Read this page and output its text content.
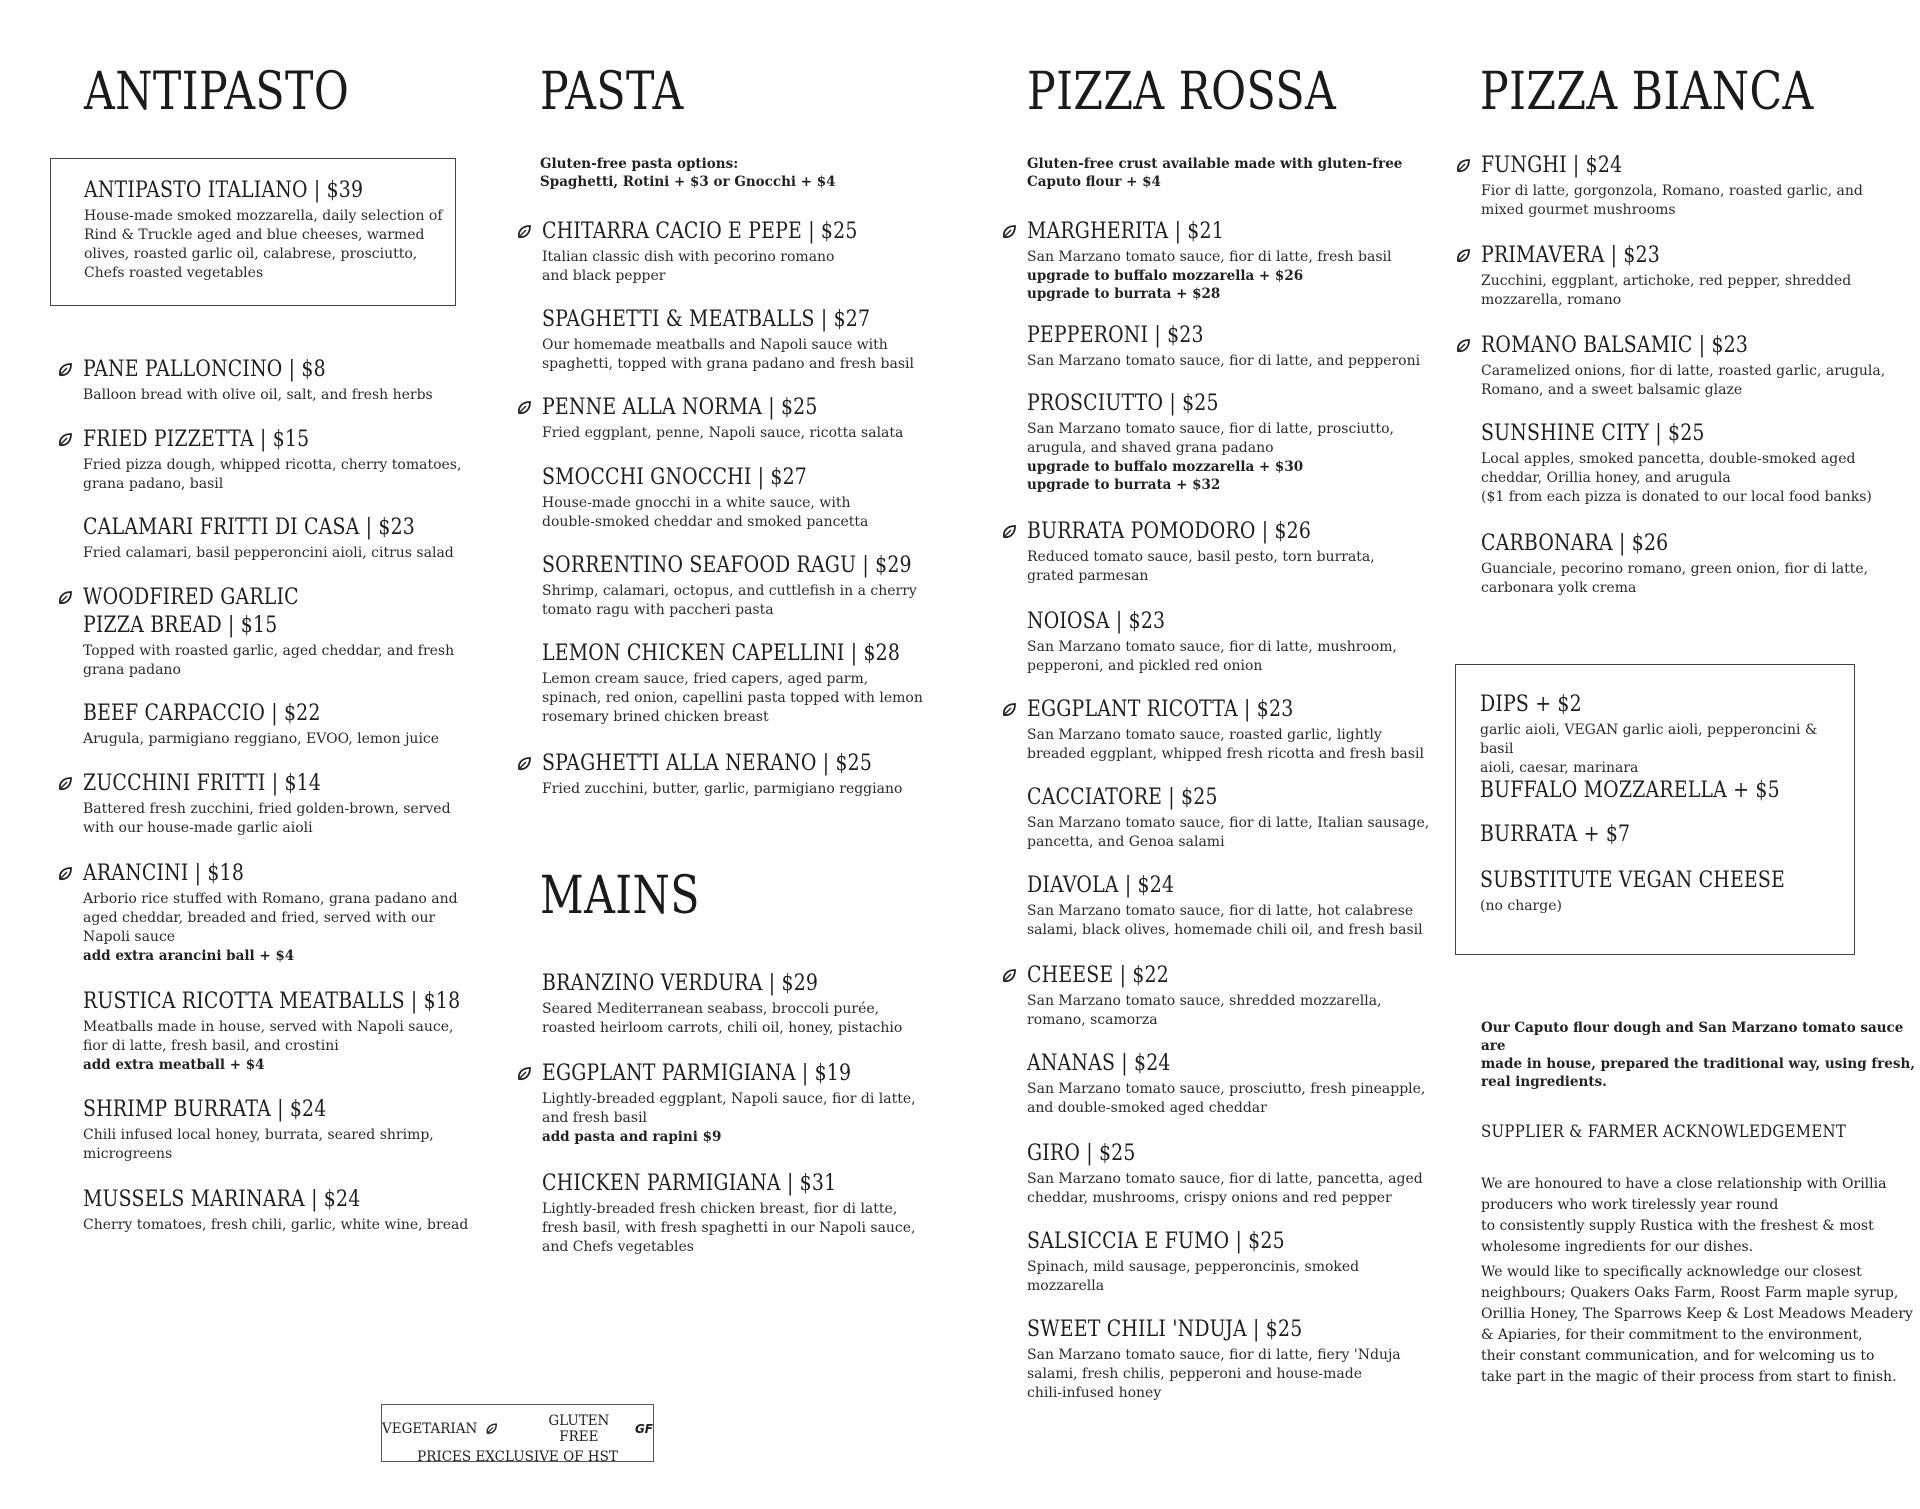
ANTIPASTO	PASTA
MAINS
PIZZA ROSSA	PIZZA BIANCA
ANTIPASTO ITALIANO | $39
House-made smoked mozzarella, daily selection of
Rind & Truckle aged and blue cheeses, warmed
olives, roasted garlic oil, calabrese, prosciutto,
Chefs roasted vegetables
Gluten-free pasta options:
Spaghetti, Rotini + $3 or Gnocchi + $4
Gluten-free crust available made with gluten-free
Caputo flour + $4
PANE PALLONCINO | $8
Balloon bread with olive oil, salt, and fresh herbs
FRIED PIZZETTA | $15
Fried pizza dough, whipped ricotta, cherry tomatoes,
grana padano, basil
CALAMARI FRITTI DI CASA | $23
Fried calamari, basil pepperoncini aioli, citrus salad
WOODFIRED GARLIC
PIZZA BREAD | $15
Topped with roasted garlic, aged cheddar, and fresh
grana padano
BEEF CARPACCIO | $22
Arugula, parmigiano reggiano, EVOO, lemon juice
ZUCCHINI FRITTI | $14
Battered fresh zucchini, fried golden-brown, served
with our house-made garlic aioli
ARANCINI | $18
Arborio rice stuffed with Romano, grana padano and
aged cheddar, breaded and fried, served with our
Napoli sauce
add extra arancini ball + $4
RUSTICA RICOTTA MEATBALLS | $18
Meatballs made in house, served with Napoli sauce,
fior di latte, fresh basil, and crostini
add extra meatball + $4
SHRIMP BURRATA | $24
Chili infused local honey, burrata, seared shrimp,
microgreens
MUSSELS MARINARA | $24
Cherry tomatoes, fresh chili, garlic, white wine, bread
CHITARRA CACIO E PEPE | $25
Italian classic dish with pecorino romano
and black pepper
SPAGHETTI & MEATBALLS | $27
Our homemade meatballs and Napoli sauce with
spaghetti, topped with grana padano and fresh basil
PENNE ALLA NORMA | $25
Fried eggplant, penne, Napoli sauce, ricotta salata
SMOCCHI GNOCCHI | $27
House-made gnocchi in a white sauce, with
double-smoked cheddar and smoked pancetta
SORRENTINO SEAFOOD RAGU | $29
Shrimp, calamari, octopus, and cuttlefish in a cherry
tomato ragu with paccheri pasta
LEMON CHICKEN CAPELLINI | $28
Lemon cream sauce, fried capers, aged parm,
spinach, red onion, capellini pasta topped with lemon
rosemary brined chicken breast
SPAGHETTI ALLA NERANO | $25
Fried zucchini, butter, garlic, parmigiano reggiano
BRANZINO VERDURA | $29
Seared Mediterranean seabass, broccoli purée,
roasted heirloom carrots, chili oil, honey, pistachio
EGGPLANT PARMIGIANA | $19
Lightly-breaded eggplant, Napoli sauce, fior di latte,
and fresh basil
add pasta and rapini $9
CHICKEN PARMIGIANA | $31
Lightly-breaded fresh chicken breast, fior di latte,
fresh basil, with fresh spaghetti in our Napoli sauce,
and Chefs vegetables
MARGHERITA | $21
San Marzano tomato sauce, fior di latte, fresh basil
upgrade to buffalo mozzarella + $26
upgrade to burrata + $28
PEPPERONI | $23
San Marzano tomato sauce, fior di latte, and pepperoni
PROSCIUTTO | $25
San Marzano tomato sauce, fior di latte, prosciutto,
arugula, and shaved grana padano
upgrade to buffalo mozzarella + $30
upgrade to burrata + $32
BURRATA POMODORO | $26
Reduced tomato sauce, basil pesto, torn burrata,
grated parmesan
NOIOSA | $23
San Marzano tomato sauce, fior di latte, mushroom,
pepperoni, and pickled red onion
EGGPLANT RICOTTA | $23
San Marzano tomato sauce, roasted garlic, lightly
breaded eggplant, whipped fresh ricotta and fresh basil
CACCIATORE | $25
San Marzano tomato sauce, fior di latte, Italian sausage,
pancetta, and Genoa salami
DIAVOLA | $24
San Marzano tomato sauce, fior di latte, hot calabrese
salami, black olives, homemade chili oil, and fresh basil
CHEESE | $22
San Marzano tomato sauce, shredded mozzarella,
romano, scamorza
ANANAS | $24
San Marzano tomato sauce, prosciutto, fresh pineapple,
and double-smoked aged cheddar
GIRO | $25
San Marzano tomato sauce, fior di latte, pancetta, aged
cheddar, mushrooms, crispy onions and red pepper
SALSICCIA E FUMO | $25
Spinach, mild sausage, pepperoncinis, smoked
mozzarella
SWEET CHILI 'NDUJA | $25
San Marzano tomato sauce, fior di latte, fiery 'Nduja
salami, fresh chilis, pepperoni and house-made
chili-infused honey
FUNGHI | $24
Fior di latte, gorgonzola, Romano, roasted garlic, and
mixed gourmet mushrooms
PRIMAVERA | $23
Zucchini, eggplant, artichoke, red pepper, shredded
mozzarella, romano
ROMANO BALSAMIC | $23
Caramelized onions, fior di latte, roasted garlic, arugula,
Romano, and a sweet balsamic glaze
SUNSHINE CITY | $25
Local apples, smoked pancetta, double-smoked aged
cheddar, Orillia honey, and arugula
($1 from each pizza is donated to our local food banks)
CARBONARA | $26
Guanciale, pecorino romano, green onion, fior di latte,
carbonara yolk crema
DIPS + $2
garlic aioli, VEGAN garlic aioli, pepperoncini & basil
aioli, caesar, marinara
BUFFALO MOZZARELLA + $5
BURRATA + $7
SUBSTITUTE VEGAN CHEESE
(no charge)
Our Caputo flour dough and San Marzano tomato sauce are
made in house, prepared the traditional way, using fresh,
real ingredients.
SUPPLIER & FARMER ACKNOWLEDGEMENT
We are honoured to have a close relationship with Orillia
producers who work tirelessly year round
to consistently supply Rustica with the freshest & most
wholesome ingredients for our dishes.
We would like to specifically acknowledge our closest
neighbours; Quakers Oaks Farm, Roost Farm maple syrup,
Orillia Honey, The Sparrows Keep & Lost Meadows Meadery
& Apiaries, for their commitment to the environment,
their constant communication, and for welcoming us to
take part in the magic of their process from start to finish.
VEGETARIAN	GLUTEN FREE	GF
PRICES EXCLUSIVE OF HST
